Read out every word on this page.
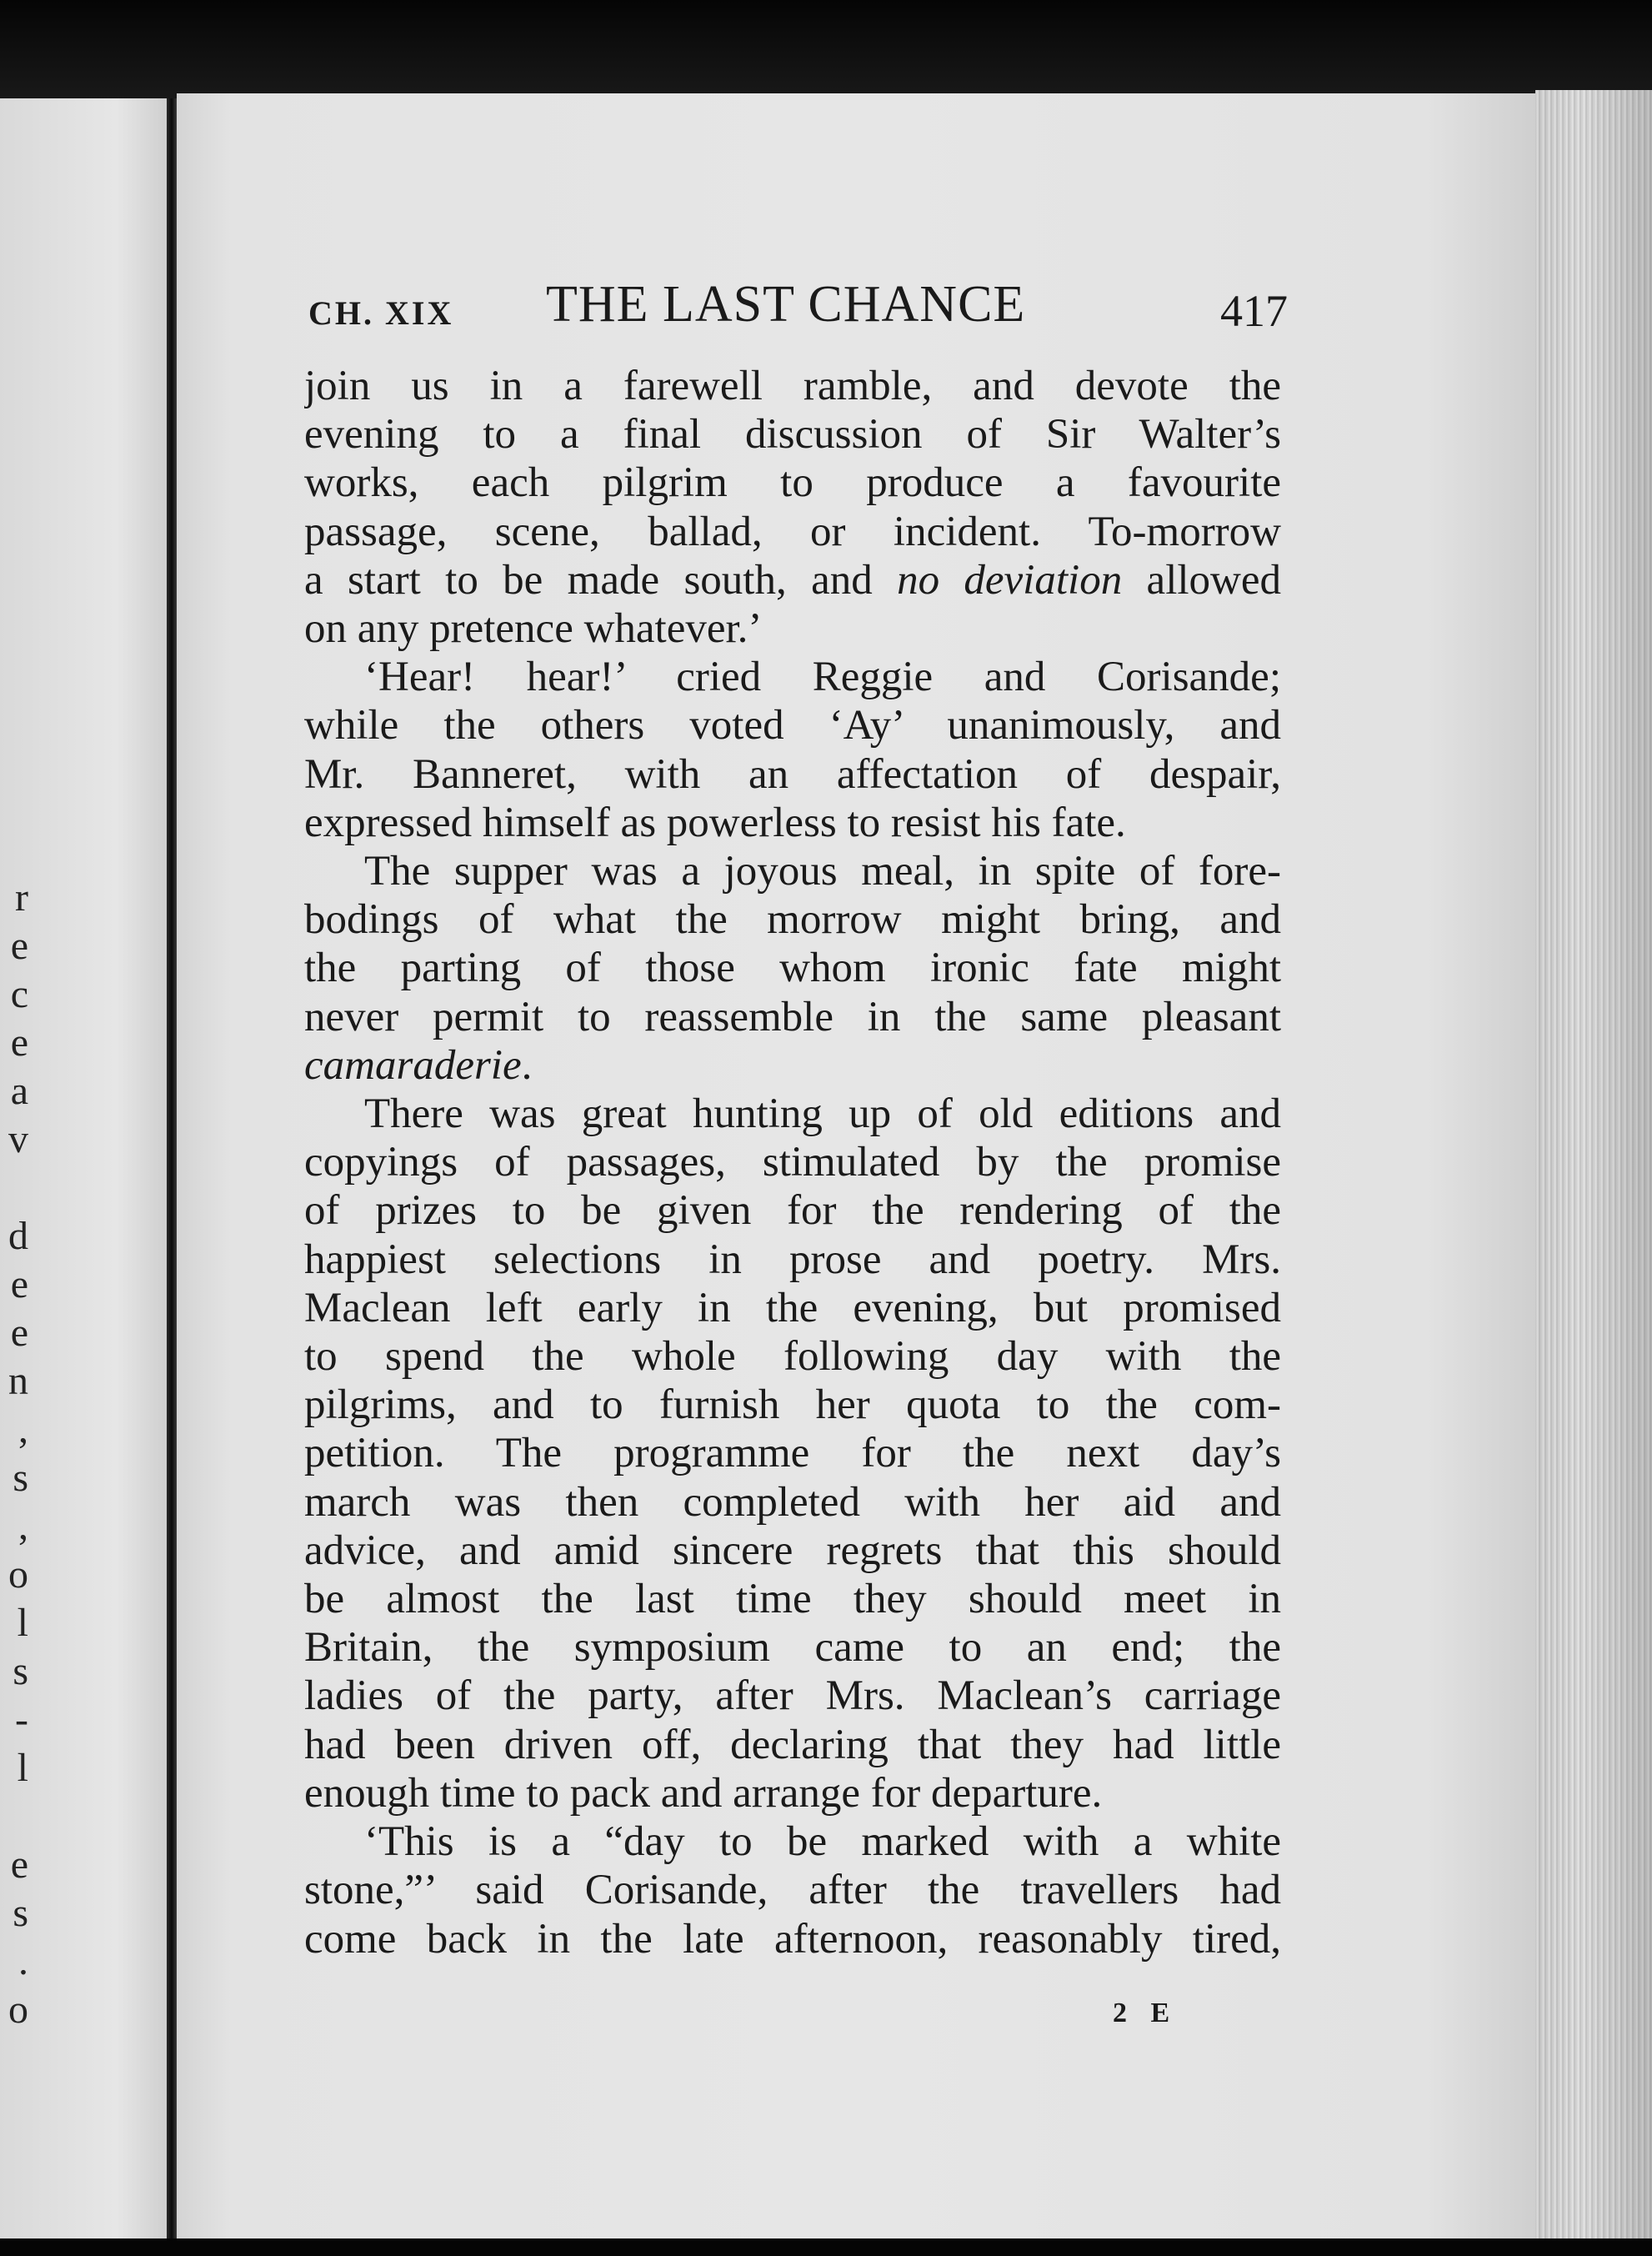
r
e
c
e
a
v

d
e
e
n
,
s
,
o
l
s
-
l

e
s
.
o
CH. XIX THE LAST CHANCE	417
join us in a farewell ramble, and devote the
evening to a final discussion of Sir Walter’s
works, each pilgrim to produce a favourite
passage, scene, ballad, or incident. To-morrow
a start to be made south, and no deviation allowed
on any pretence whatever.’
‘Hear! hear!’ cried Reggie and Corisande;
while the others voted ‘Ay’ unanimously, and
Mr. Banneret, with an affectation of despair,
expressed himself as powerless to resist his fate.
The supper was a joyous meal, in spite of fore-
bodings of what the morrow might bring, and
the parting of those whom ironic fate might
never permit to reassemble in the same pleasant
camaraderie.
There was great hunting up of old editions and
copyings of passages, stimulated by the promise
of prizes to be given for the rendering of the
happiest selections in prose and poetry. Mrs.
Maclean left early in the evening, but promised
to spend the whole following day with the
pilgrims, and to furnish her quota to the com-
petition. The programme for the next day’s
march was then completed with her aid and
advice, and amid sincere regrets that this should
be almost the last time they should meet in
Britain, the symposium came to an end; the
ladies of the party, after Mrs. Maclean’s carriage
had been driven off, declaring that they had little
enough time to pack and arrange for departure.
‘This is a “day to be marked with a white
stone,”’ said Corisande, after the travellers had
come back in the late afternoon, reasonably tired,
2 E
